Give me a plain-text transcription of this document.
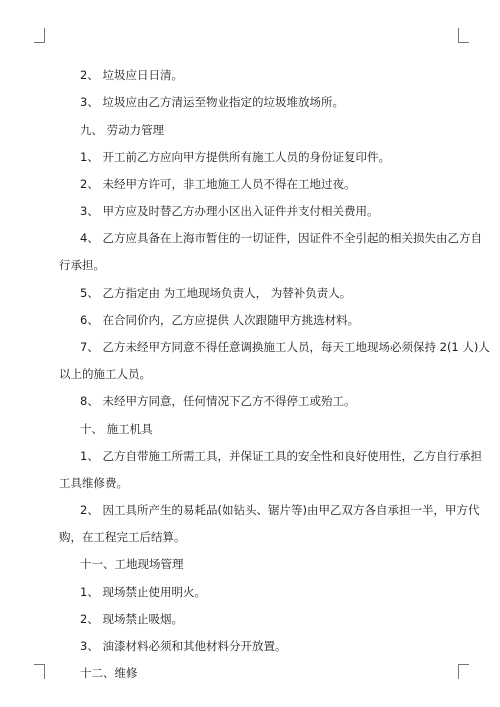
2、 垃圾应日日清。
3、 垃圾应由乙方清运至物业指定的垃圾堆放场所。
九、 劳动力管理
1、 开工前乙方应向甲方提供所有施工人员的身份证复印件。
2、 未经甲方许可，非工地施工人员不得在工地过夜。
3、 甲方应及时替乙方办理小区出入证件并支付相关费用。
4、 乙方应具备在上海市暂住的一切证件，因证件不全引起的相关损失由乙方自
行承担。
5、 乙方指定由 为工地现场负责人， 为替补负责人。
6、 在合同价内，乙方应提供 人次跟随甲方挑选材料。
7、 乙方未经甲方同意不得任意调换施工人员，每天工地现场必须保持 2(1 人)人
以上的施工人员。
8、 未经甲方同意，任何情况下乙方不得停工或殆工。
十、 施工机具
1、 乙方自带施工所需工具，并保证工具的安全性和良好使用性，乙方自行承担
工具维修费。
2、 因工具所产生的易耗品(如钻头、锯片等)由甲乙双方各自承担一半，甲方代
购，在工程完工后结算。
十一、工地现场管理
1、 现场禁止使用明火。
2、 现场禁止吸烟。
3、 油漆材料必须和其他材料分开放置。
十二、维修
